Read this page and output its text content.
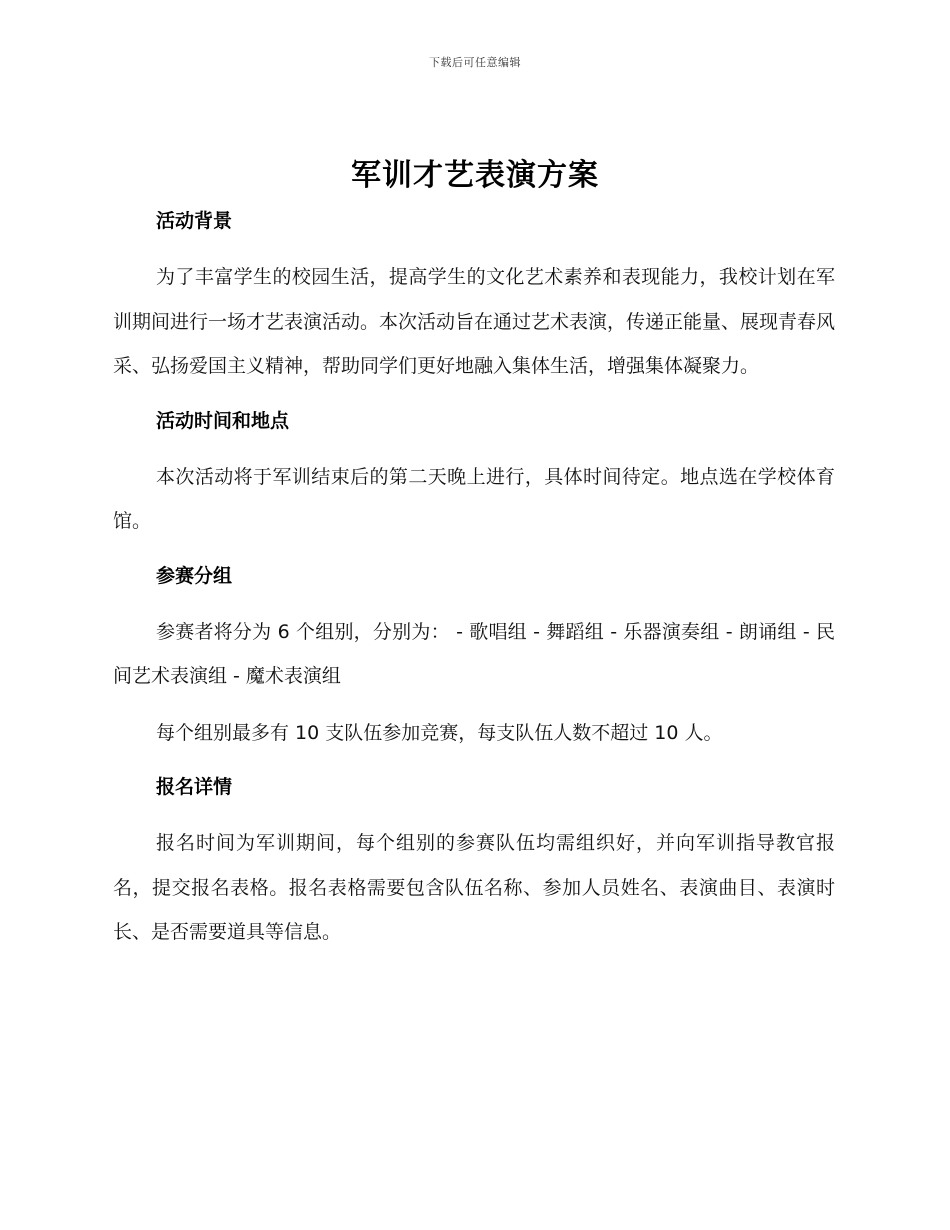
下载后可任意编辑
军训才艺表演方案
活动背景

为了丰富学生的校园生活，提高学生的文化艺术素养和表现能力，我校计划在军训期间进行一场才艺表演活动。本次活动旨在通过艺术表演，传递正能量、展现青春风采、弘扬爱国主义精神，帮助同学们更好地融入集体生活，增强集体凝聚力。

活动时间和地点

本次活动将于军训结束后的第二天晚上进行，具体时间待定。地点选在学校体育馆。

参赛分组

参赛者将分为 6 个组别，分别为： - 歌唱组 - 舞蹈组 - 乐器演奏组 - 朗诵组 - 民间艺术表演组 - 魔术表演组

每个组别最多有 10 支队伍参加竞赛，每支队伍人数不超过 10 人。

报名详情

报名时间为军训期间，每个组别的参赛队伍均需组织好，并向军训指导教官报名，提交报名表格。报名表格需要包含队伍名称、参加人员姓名、表演曲目、表演时长、是否需要道具等信息。
